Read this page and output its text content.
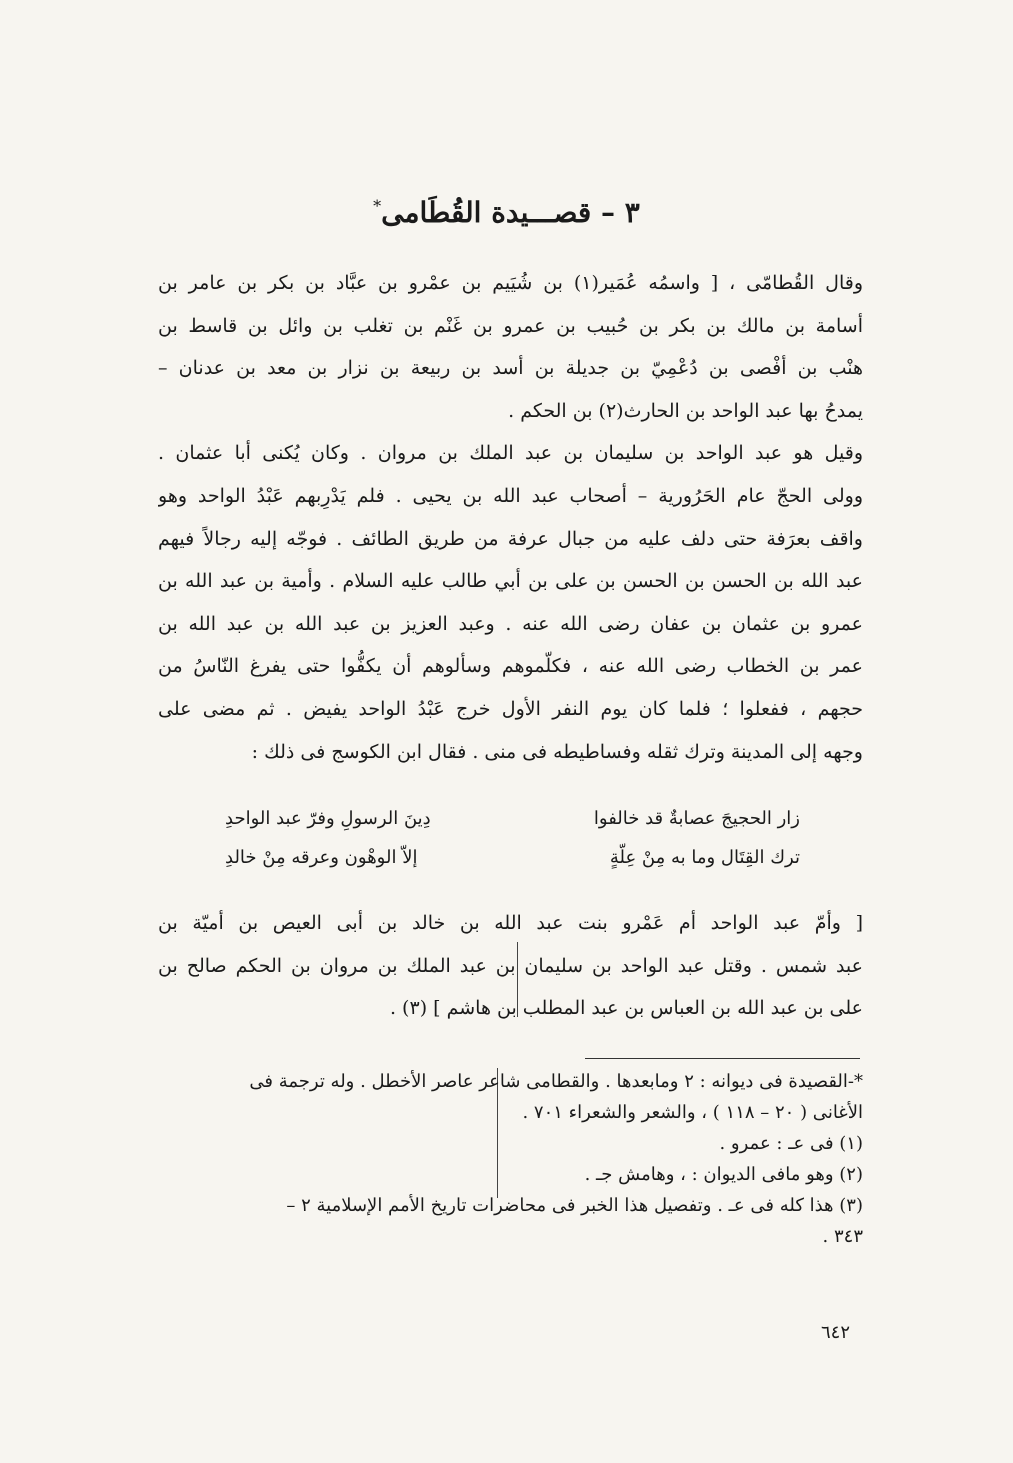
٣ – قصـــيدة القُطَامى*
وقال القُطامّى ، [ واسمُه عُمَير(١) بن شُيَيم بن عمْرو بن عبَّاد بن بكر بن عامر بن
أسامة بن مالك بن بكر بن حُبيب بن عمرو بن غَنْم بن تغلب بن وائل بن قاسط بن
هنْب بن أفْصى بن دُعْمِيّ بن جديلة بن أسد بن ربيعة بن نزار بن معد بن عدنان –
يمدحُ بها عبد الواحد بن الحارث(٢) بن الحكم .
وقيل هو عبد الواحد بن سليمان بن عبد الملك بن مروان . وكان يُكنى أبا عثمان .
وولى الحجّ عام الحَرُورية – أصحاب عبد الله بن يحيى . فلم يَدْرِبهم عَبْدُ الواحد وهو
واقف بعرَفة حتى دلف عليه من جبال عرفة من طريق الطائف . فوجّه إليه رجالاً فيهم
عبد الله بن الحسن بن الحسن بن على بن أبي طالب عليه السلام . وأمية بن عبد الله بن
عمرو بن عثمان بن عفان رضى الله عنه . وعبد العزيز بن عبد الله بن عبد الله بن
عمر بن الخطاب رضى الله عنه ، فكلّموهم وسألوهم أن يكفُّوا حتى يفرغ النّاسُ من
حجهم ، ففعلوا ؛ فلما كان يوم النفر الأول خرج عَبْدُ الواحد يفيض . ثم مضى على
وجهه إلى المدينة وترك ثقله وفساطيطه فى منى . فقال ابن الكوسج فى ذلك :
زار الحجيجَ عصابةٌ قد خالفوا
دِينَ الرسولِ وفرّ عبد الواحدِ
ترك القِتَال وما به مِنْ عِلّةٍ
إلاّ الوهْون وعرقه مِنْ خالدِ
[ وأمّ عبد الواحد أم عَمْرو بنت عبد الله بن خالد بن أبى العيص بن أميّة بن
عبد شمس . وقتل عبد الواحد بن سليمان بن عبد الملك بن مروان بن الحكم صالح بن
على بن عبد الله بن العباس بن عبد المطلب بن هاشم ] (٣) .
*-القصيدة فى ديوانه : ٢ ومابعدها . والقطامى شاعر عاصر الأخطل . وله ترجمة فى
الأغانى ( ٢٠ – ١١٨ ) ، والشعر والشعراء ٧٠١ .
(١) فى عـ : عمرو .
(٢) وهو مافى الديوان : ، وهامش جـ .
(٣) هذا كله فى عـ . وتفصيل هذا الخبر فى محاضرات تاريخ الأمم الإسلامية ٢ –
٣٤٣ .
٦٤٢
